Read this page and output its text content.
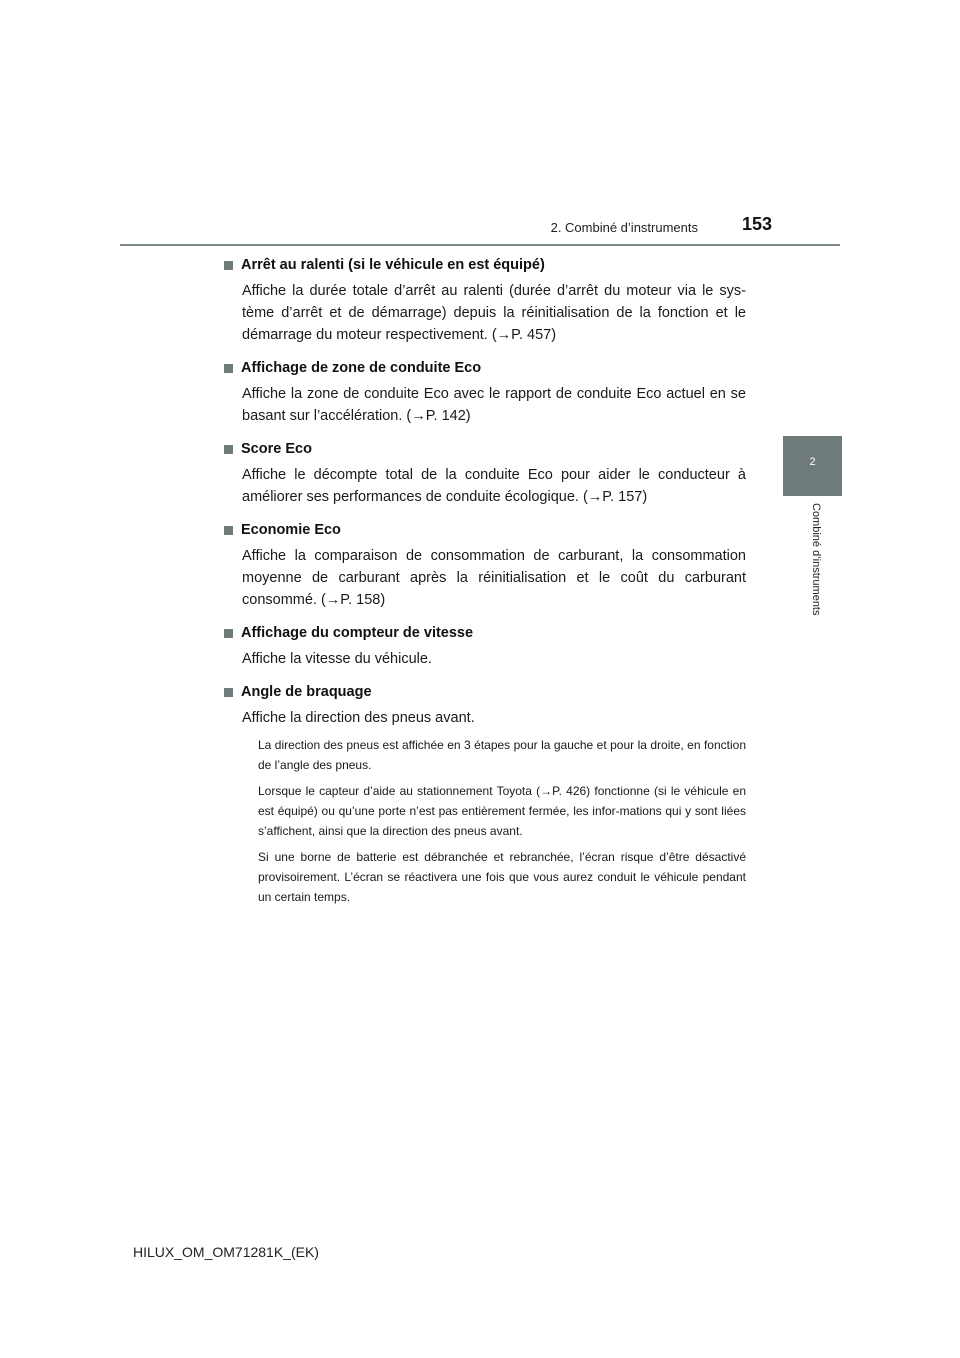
2. Combiné d’instruments 153
2
Combiné d’instruments
Arrêt au ralenti (si le véhicule en est équipé)
Affiche la durée totale d’arrêt au ralenti (durée d’arrêt du moteur via le sys-tème d’arrêt et de démarrage) depuis la réinitialisation de la fonction et le démarrage du moteur respectivement. (→P. 457)
Affichage de zone de conduite Eco
Affiche la zone de conduite Eco avec le rapport de conduite Eco actuel en se basant sur l’accélération. (→P. 142)
Score Eco
Affiche le décompte total de la conduite Eco pour aider le conducteur à améliorer ses performances de conduite écologique. (→P. 157)
Economie Eco
Affiche la comparaison de consommation de carburant, la consommation moyenne de carburant après la réinitialisation et le coût du carburant consommé. (→P. 158)
Affichage du compteur de vitesse
Affiche la vitesse du véhicule.
Angle de braquage
Affiche la direction des pneus avant.
La direction des pneus est affichée en 3 étapes pour la gauche et pour la droite, en fonction de l’angle des pneus.
Lorsque le capteur d’aide au stationnement Toyota (→P. 426) fonctionne (si le véhicule en est équipé) ou qu’une porte n’est pas entièrement fermée, les infor-mations qui y sont liées s’affichent, ainsi que la direction des pneus avant.
Si une borne de batterie est débranchée et rebranchée, l’écran risque d’être désactivé provisoirement. L’écran se réactivera une fois que vous aurez conduit le véhicule pendant un certain temps.
HILUX_OM_OM71281K_(EK)
